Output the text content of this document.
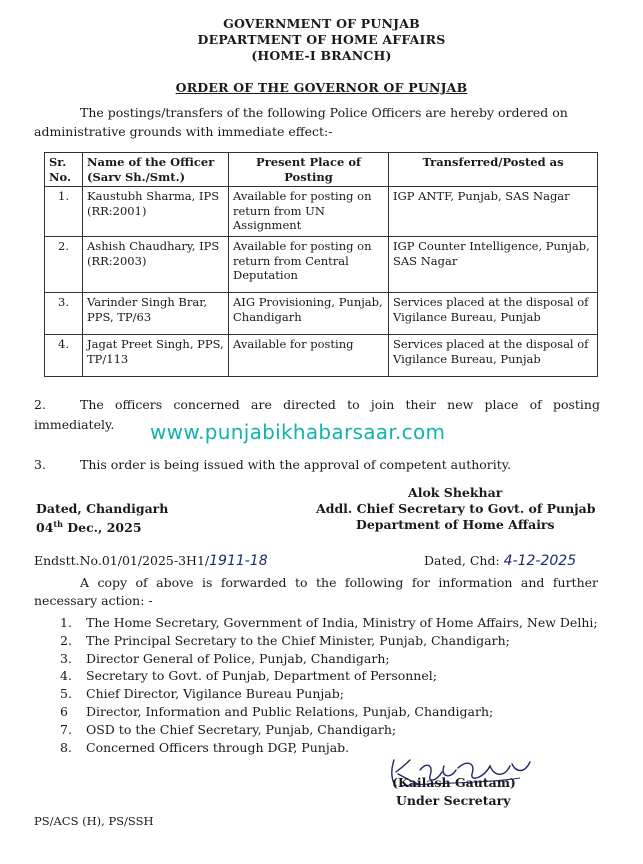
GOVERNMENT OF PUNJAB
DEPARTMENT OF HOME AFFAIRS
(HOME-I BRANCH)
ORDER OF THE GOVERNOR OF PUNJAB
The postings/transfers of the following Police Officers are hereby ordered on
administrative grounds with immediate effect:-
Sr. No.	Name of the Officer (Sarv Sh./Smt.)	Present Place of Posting	Transferred/Posted as
1.	Kaustubh Sharma, IPS (RR:2001)	Available for posting on return from UN Assignment	IGP ANTF, Punjab, SAS Nagar
2.	Ashish Chaudhary, IPS (RR:2003)	Available for posting on return from Central Deputation	IGP Counter Intelligence, Punjab, SAS Nagar
3.	Varinder Singh Brar, PPS, TP/63	AIG Provisioning, Punjab, Chandigarh	Services placed at the disposal of Vigilance Bureau, Punjab
4.	Jagat Preet Singh, PPS, TP/113	Available for posting	Services placed at the disposal of Vigilance Bureau, Punjab
2.	The officers concerned are directed to join their new place of posting
immediately. www.punjabikhabarsaar.com
3.	This order is being issued with the approval of competent authority.
Alok Shekhar
Dated, Chandigarh	Addl. Chief Secretary to Govt. of Punjab
04th Dec., 2025	Department of Home Affairs
Endstt.No.01/01/2025-3H1/1911-18	Dated, Chd: 4-12-2025
A copy of above is forwarded to the following for information and further
necessary action: -
1. The Home Secretary, Government of India, Ministry of Home Affairs, New Delhi;
2. The Principal Secretary to the Chief Minister, Punjab, Chandigarh;
3. Director General of Police, Punjab, Chandigarh;
4. Secretary to Govt. of Punjab, Department of Personnel;
5. Chief Director, Vigilance Bureau Punjab;
6 Director, Information and Public Relations, Punjab, Chandigarh;
7. OSD to the Chief Secretary, Punjab, Chandigarh;
8. Concerned Officers through DGP, Punjab.
(Kailash Gautam)
Under Secretary
PS/ACS (H), PS/SSH
